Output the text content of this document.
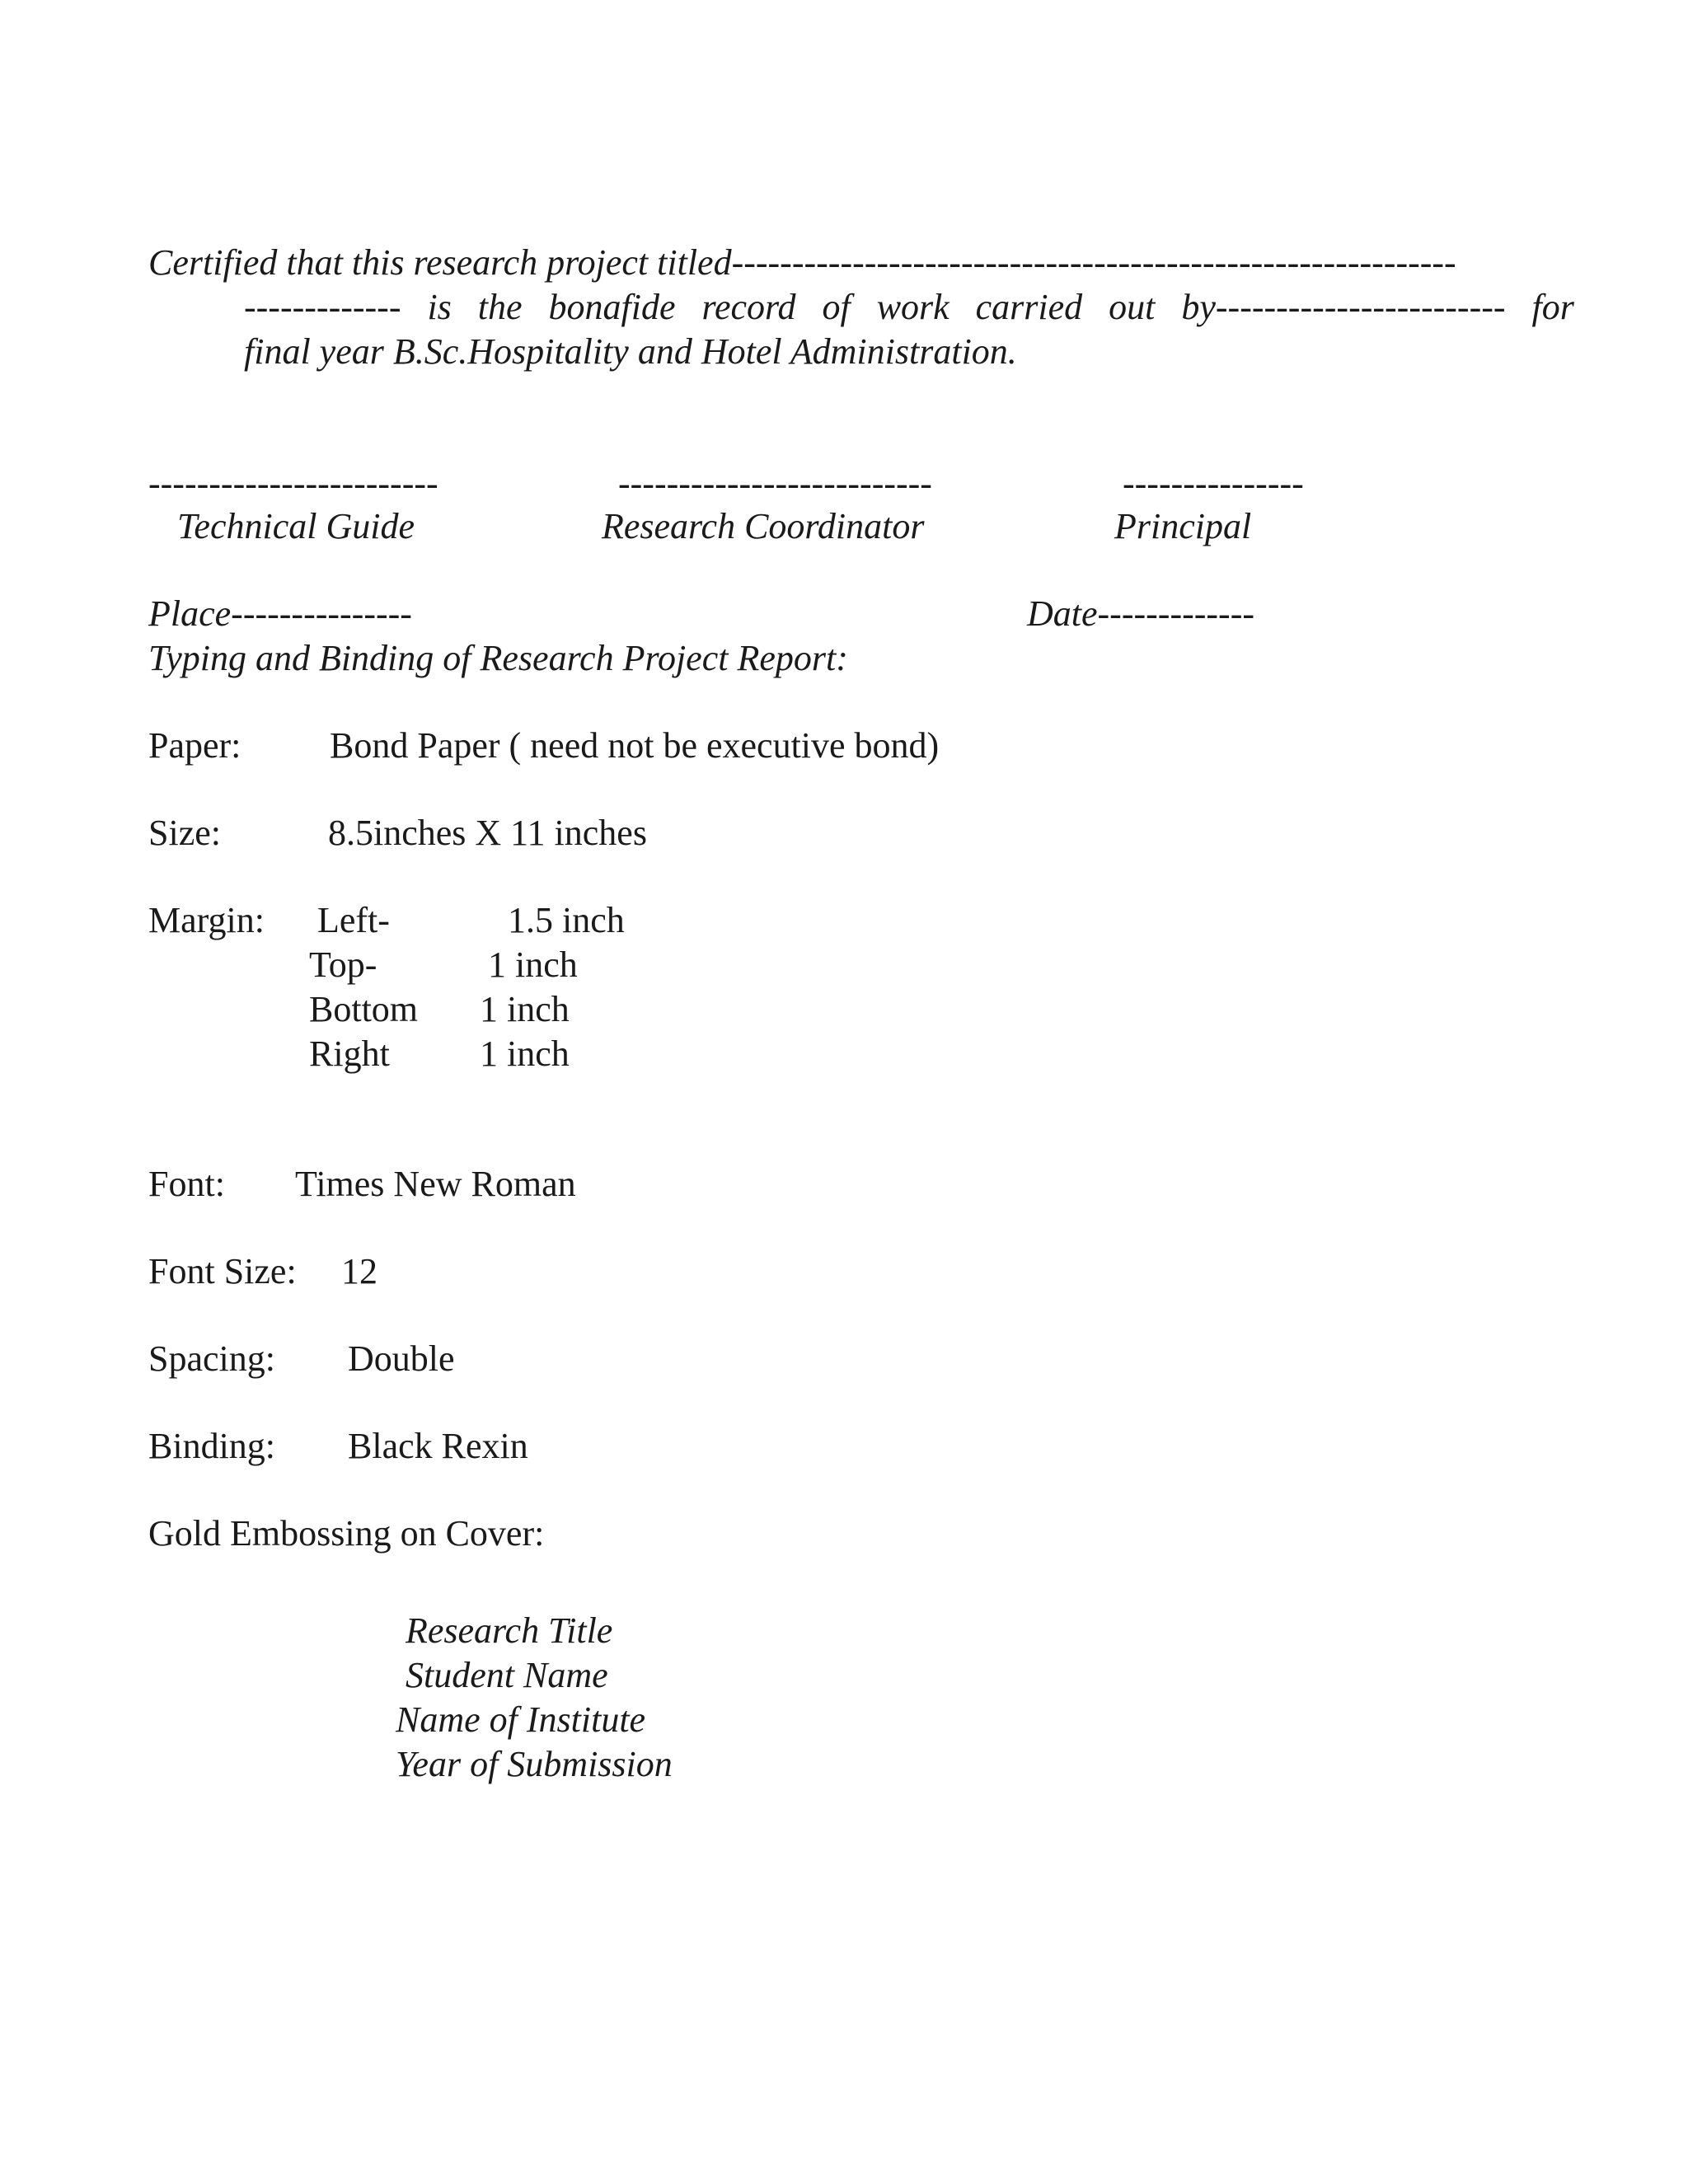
Certified that this research project titled------------------------------------------------------------
------------- is the bonafide record of work carried out by------------------------ for
final year B.Sc.Hospitality and Hotel Administration.
------------------------	--------------------------	---------------
Technical Guide	Research Coordinator	Principal
Place---------------	Date-------------
Typing and Binding of Research Project Report:
Paper: Bond Paper ( need not be executive bond)
Size:	8.5inches X 11 inches
Margin: Left-	1.5 inch
Top-	1 inch
Bottom 1 inch
Right 1 inch
Font: Times New Roman
Font Size: 12
Spacing: Double
Binding: Black Rexin
Gold Embossing on Cover:
Research Title
Student Name
Name of Institute
Year of Submission
